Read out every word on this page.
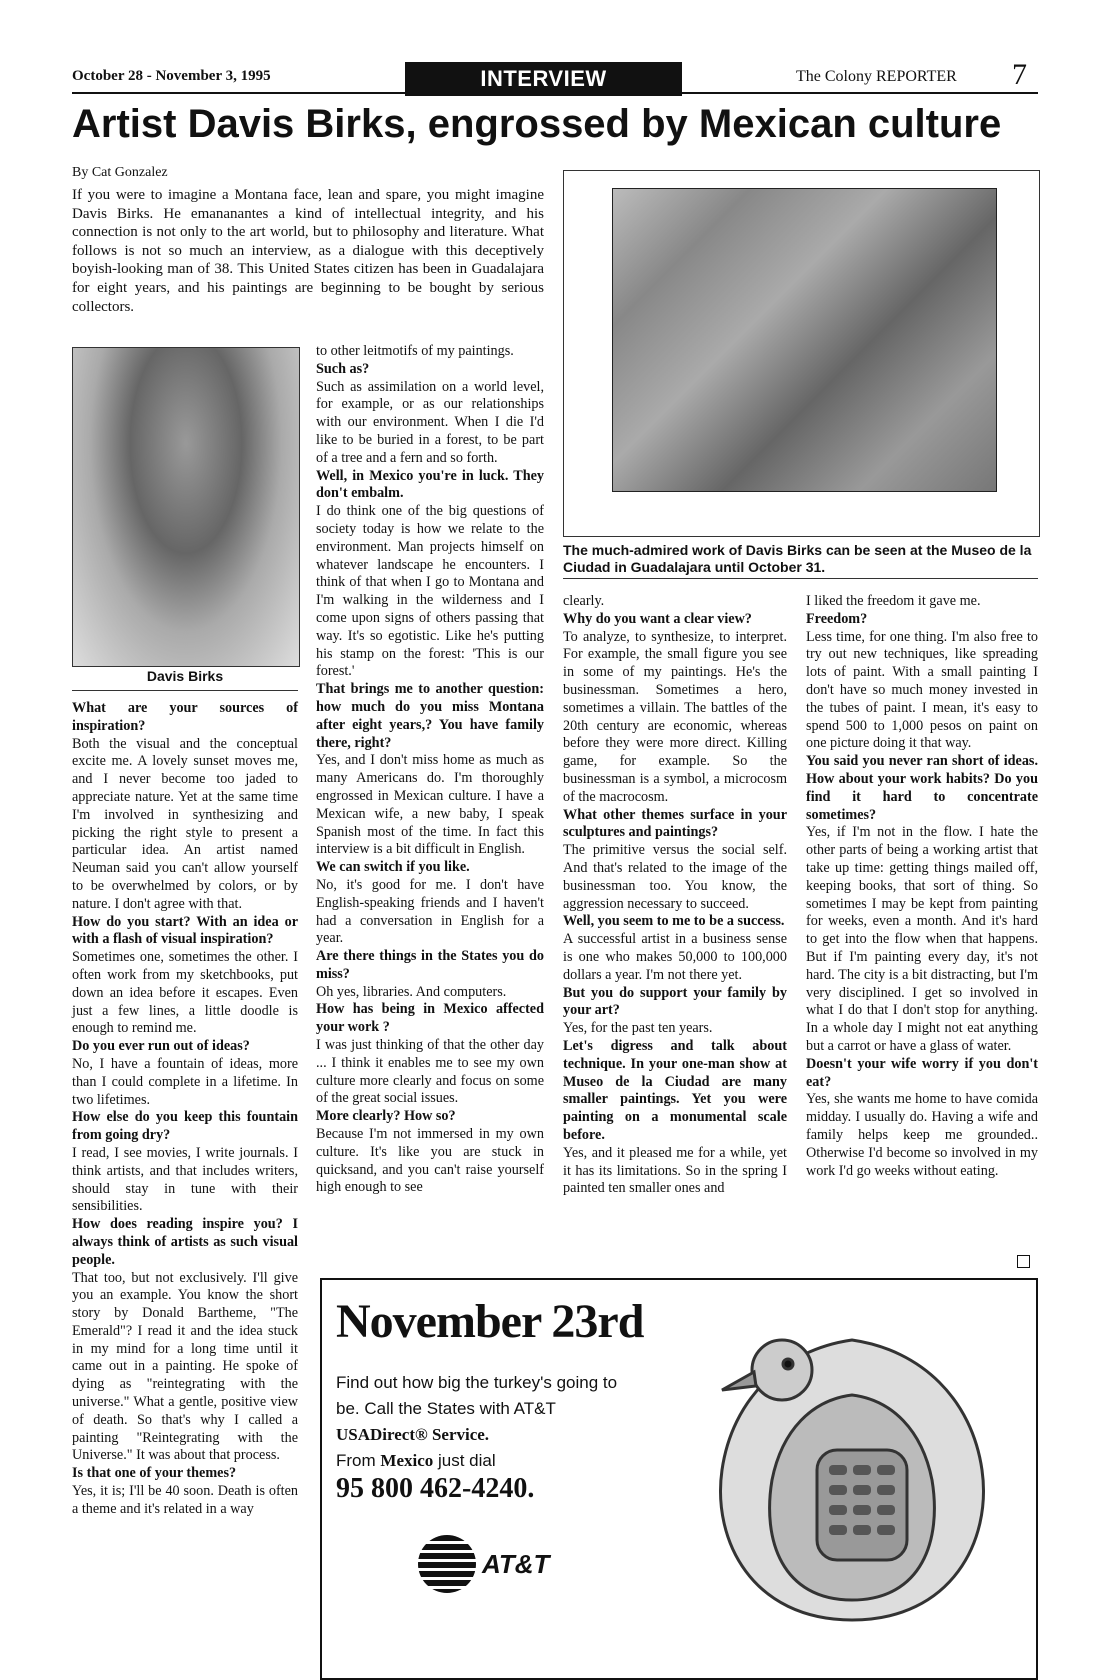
October 28 - November 3, 1995	INTERVIEW	The Colony REPORTER 7
Artist Davis Birks, engrossed by Mexican culture
By Cat Gonzalez
If you were to imagine a Montana face, lean and spare, you might imagine Davis Birks. He emananantes a kind of intellectual integrity, and his connection is not only to the art world, but to philosophy and literature. What follows is not so much an interview, as a dialogue with this deceptively boyish-looking man of 38. This United States citizen has been in Guadalajara for eight years, and his paintings are beginning to be bought by serious collectors.
Davis Birks

What are your sources of inspiration?

Both the visual and the conceptual excite me. A lovely sunset moves me, and I never become too jaded to appreciate nature. Yet at the same time I'm involved in synthesizing and picking the right style to present a particular idea. An artist named Neuman said you can't allow yourself to be overwhelmed by colors, or by nature. I don't agree with that.

How do you start? With an idea or with a flash of visual inspiration?

Sometimes one, sometimes the other. I often work from my sketchbooks, put down an idea before it escapes. Even just a few lines, a little doodle is enough to remind me.

Do you ever run out of ideas?

No, I have a fountain of ideas, more than I could complete in a lifetime. In two lifetimes.

How else do you keep this fountain from going dry?

I read, I see movies, I write journals. I think artists, and that includes writers, should stay in tune with their sensibilities.

How does reading inspire you? I always think of artists as such visual people.

That too, but not exclusively. I'll give you an example. You know the short story by Donald Bartheme, "The Emerald"? I read it and the idea stuck in my mind for a long time until it came out in a painting. He spoke of dying as "reintegrating with the universe." What a gentle, positive view of death. So that's why I called a painting "Reintegrating with the Universe." It was about that process.

Is that one of your themes?

Yes, it is; I'll be 40 soon. Death is often a theme and it's related in a way

to other leitmotifs of my paintings.

Such as?

Such as assimilation on a world level, for example, or as our relationships with our environment. When I die I'd like to be buried in a forest, to be part of a tree and a fern and so forth.

Well, in Mexico you're in luck. They don't embalm.

I do think one of the big questions of society today is how we relate to the environment. Man projects himself on whatever landscape he encounters. I think of that when I go to Montana and I'm walking in the wilderness and I come upon signs of others passing that way. It's so egotistic. Like he's putting his stamp on the forest: 'This is our forest.'

That brings me to another question: how much do you miss Montana after eight years,? You have family there, right?

Yes, and I don't miss home as much as many Americans do. I'm thoroughly engrossed in Mexican culture. I have a Mexican wife, a new baby, I speak Spanish most of the time. In fact this interview is a bit difficult in English.

We can switch if you like.

No, it's good for me. I don't have English-speaking friends and I haven't had a conversation in English for a year.

Are there things in the States you do miss?

Oh yes, libraries. And computers.

How has being in Mexico affected your work ?

I was just thinking of that the other day ... I think it enables me to see my own culture more clearly and focus on some of the great social issues.

More clearly? How so?

Because I'm not immersed in my own culture. It's like you are stuck in quicksand, and you can't raise yourself high enough to see

The much-admired work of Davis Birks can be seen at the Museo de la Ciudad in Guadalajara until October 31.

clearly.

Why do you want a clear view?

To analyze, to synthesize, to interpret. For example, the small figure you see in some of my paintings. He's the businessman. Sometimes a hero, sometimes a villain. The battles of the 20th century are economic, whereas before they were more direct. Killing game, for example. So the businessman is a symbol, a microcosm of the macrocosm.

What other themes surface in your sculptures and paintings?

The primitive versus the social self. And that's related to the image of the businessman too. You know, the aggression necessary to succeed.

Well, you seem to me to be a success.

A successful artist in a business sense is one who makes 50,000 to 100,000 dollars a year. I'm not there yet.

But you do support your family by your art?

Yes, for the past ten years.

Let's digress and talk about technique. In your one-man show at Museo de la Ciudad are many smaller paintings. Yet you were painting on a monumental scale before.

Yes, and it pleased me for a while, yet it has its limitations. So in the spring I painted ten smaller ones and

I liked the freedom it gave me.

Freedom?

Less time, for one thing. I'm also free to try out new techniques, like spreading lots of paint. With a small painting I don't have so much money invested in the tubes of paint. I mean, it's easy to spend 500 to 1,000 pesos on paint on one picture doing it that way.

You said you never ran short of ideas. How about your work habits? Do you find it hard to concentrate sometimes?

Yes, if I'm not in the flow. I hate the other parts of being a working artist that take up time: getting things mailed off, keeping books, that sort of thing. So sometimes I may be kept from painting for weeks, even a month. And it's hard to get into the flow when that happens. But if I'm painting every day, it's not hard. The city is a bit distracting, but I'm very disciplined. I get so involved in what I do that I don't stop for anything. In a whole day I might not eat anything but a carrot or have a glass of water.

Doesn't your wife worry if you don't eat?

Yes, she wants me home to have comida midday. I usually do. Having a wife and family helps keep me grounded.. Otherwise I'd become so involved in my work I'd go weeks without eating.

November 23rd
Find out how big the turkey's going to be. Call the States with AT&T
USADirect® Service.
From Mexico just dial
95 800 462-4240.
AT&T
